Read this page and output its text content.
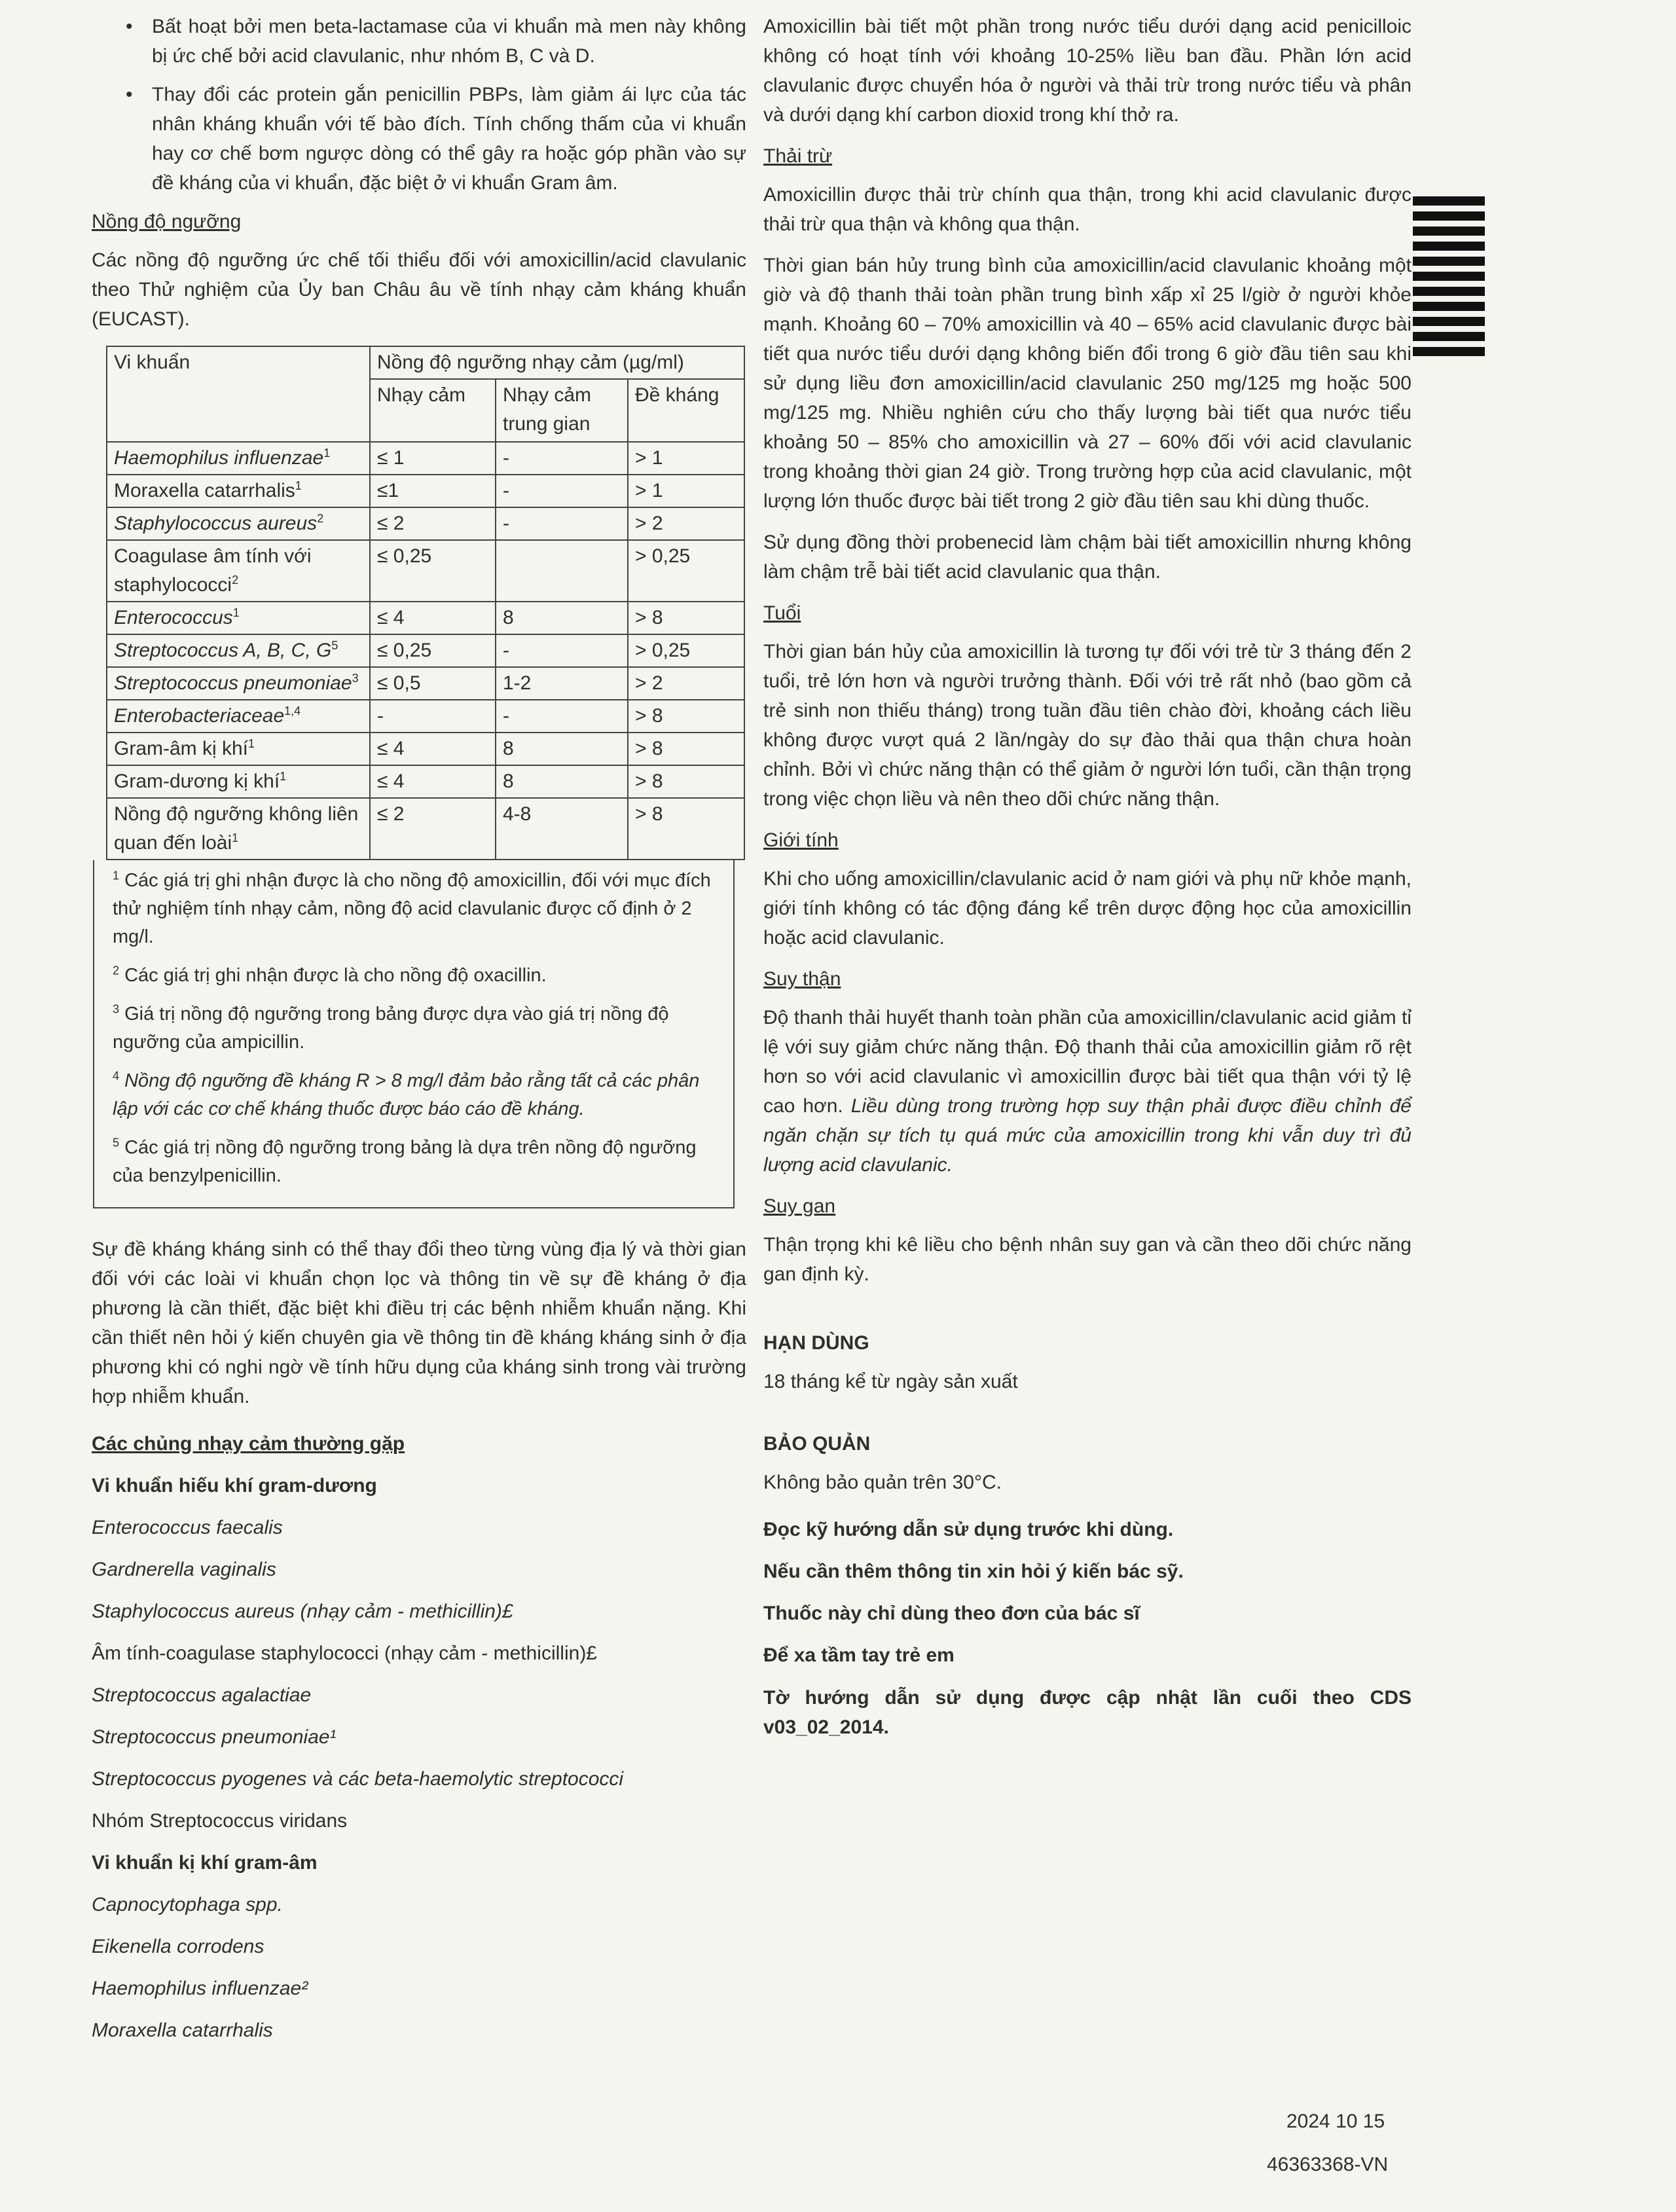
• Bất hoạt bởi men beta-lactamase của vi khuẩn mà men này không bị ức chế bởi acid clavulanic, như nhóm B, C và D.
• Thay đổi các protein gắn penicillin PBPs, làm giảm ái lực của tác nhân kháng khuẩn với tế bào đích. Tính chống thấm của vi khuẩn hay cơ chế bơm ngược dòng có thể gây ra hoặc góp phần vào sự đề kháng của vi khuẩn, đặc biệt ở vi khuẩn Gram âm.
Nồng độ ngưỡng

Các nồng độ ngưỡng ức chế tối thiểu đối với amoxicillin/acid clavulanic theo Thử nghiệm của Ủy ban Châu âu về tính nhạy cảm kháng khuẩn (EUCAST).

Vi khuẩn	Nồng độ ngưỡng nhạy cảm (µg/ml)		
	Nhạy cảm	Nhạy cảm trung gian	Đề kháng
Haemophilus influenzae$^1$	≤ 1	-	> 1
Moraxella catarrhalis$^1$	≤1	-	> 1
Staphylococcus aureus$^2$	≤ 2	-	> 2
Coagulase âm tính với staphylococci$^2$	≤ 0,25		> 0,25
Enterococcus$^1$	≤ 4	8	> 8
Streptococcus A, B, C, $G^5$	≤ 0,25	-	> 0,25
Streptococcus pneumoniae$^3$	≤ 0,5	1-2	> 2
Enterobacteriaceae$^{1,4}$	-	-	> 8
Gram-âm kị khí$^1$	≤ 4	8	> 8
Gram-dương kị khí$^1$	≤ 4	8	> 8
Nồng độ ngưỡng không liên quan đến loài$^1$	≤ 2	4-8	> 8

$^1$ Các giá trị ghi nhận được là cho nồng độ amoxicillin, đối với mục đích thử nghiệm tính nhạy cảm, nồng độ acid clavulanic được cố định ở 2 mg/l.

$^2$ Các giá trị ghi nhận được là cho nồng độ oxacillin.

$^3$ Giá trị nồng độ ngưỡng trong bảng được dựa vào giá trị nồng độ ngưỡng của ampicillin.

$^4$ Nồng độ ngưỡng đề kháng R > 8 mg/l đảm bảo rằng tất cả các phân lập với các cơ chế kháng thuốc được báo cáo đề kháng.

$^5$ Các giá trị nồng độ ngưỡng trong bảng là dựa trên nồng độ ngưỡng của benzylpenicillin.

Sự đề kháng kháng sinh có thể thay đổi theo từng vùng địa lý và thời gian đối với các loài vi khuẩn chọn lọc và thông tin về sự đề kháng ở địa phương là cần thiết, đặc biệt khi điều trị các bệnh nhiễm khuẩn nặng. Khi cần thiết nên hỏi ý kiến chuyên gia về thông tin đề kháng kháng sinh ở địa phương khi có nghi ngờ về tính hữu dụng của kháng sinh trong vài trường hợp nhiễm khuẩn.

Các chủng nhạy cảm thường gặp
Vi khuẩn hiếu khí gram-dương
Enterococcus faecalis
Gardnerella vaginalis
Staphylococcus aureus (nhạy cảm - methicillin)£
Âm tính-coagulase staphylococci (nhạy cảm - methicillin)£
Streptococcus agalactiae
Streptococcus pneumoniae¹
Streptococcus pyogenes và các beta-haemolytic streptococci
Nhóm Streptococcus viridans
Vi khuẩn kị khí gram-âm
Capnocytophaga spp.
Eikenella corrodens
Haemophilus influenzae²
Moraxella catarrhalis

Amoxicillin bài tiết một phần trong nước tiểu dưới dạng acid penicilloic không có hoạt tính với khoảng 10-25% liều ban đầu. Phần lớn acid clavulanic được chuyển hóa ở người và thải trừ trong nước tiểu và phân và dưới dạng khí carbon dioxid trong khí thở ra.

Thải trừ

Amoxicillin được thải trừ chính qua thận, trong khi acid clavulanic được thải trừ qua thận và không qua thận.

Thời gian bán hủy trung bình của amoxicillin/acid clavulanic khoảng một giờ và độ thanh thải toàn phần trung bình xấp xỉ 25 l/giờ ở người khỏe mạnh. Khoảng 60 – 70% amoxicillin và 40 – 65% acid clavulanic được bài tiết qua nước tiểu dưới dạng không biến đổi trong 6 giờ đầu tiên sau khi sử dụng liều đơn amoxicillin/acid clavulanic 250 mg/125 mg hoặc 500 mg/125 mg. Nhiều nghiên cứu cho thấy lượng bài tiết qua nước tiểu khoảng 50 – 85% cho amoxicillin và 27 – 60% đối với acid clavulanic trong khoảng thời gian 24 giờ. Trong trường hợp của acid clavulanic, một lượng lớn thuốc được bài tiết trong 2 giờ đầu tiên sau khi dùng thuốc.

Sử dụng đồng thời probenecid làm chậm bài tiết amoxicillin nhưng không làm chậm trễ bài tiết acid clavulanic qua thận.

Tuổi

Thời gian bán hủy của amoxicillin là tương tự đối với trẻ từ 3 tháng đến 2 tuổi, trẻ lớn hơn và người trưởng thành. Đối với trẻ rất nhỏ (bao gồm cả trẻ sinh non thiếu tháng) trong tuần đầu tiên chào đời, khoảng cách liều không được vượt quá 2 lần/ngày do sự đào thải qua thận chưa hoàn chỉnh. Bởi vì chức năng thận có thể giảm ở người lớn tuổi, cần thận trọng trong việc chọn liều và nên theo dõi chức năng thận.

Giới tính

Khi cho uống amoxicillin/clavulanic acid ở nam giới và phụ nữ khỏe mạnh, giới tính không có tác động đáng kể trên dược động học của amoxicillin hoặc acid clavulanic.

Suy thận

Độ thanh thải huyết thanh toàn phần của amoxicillin/clavulanic acid giảm tỉ lệ với suy giảm chức năng thận. Độ thanh thải của amoxicillin giảm rõ rệt hơn so với acid clavulanic vì amoxicillin được bài tiết qua thận với tỷ lệ cao hơn. Liều dùng trong trường hợp suy thận phải được điều chỉnh để ngăn chặn sự tích tụ quá mức của amoxicillin trong khi vẫn duy trì đủ lượng acid clavulanic.

Suy gan

Thận trọng khi kê liều cho bệnh nhân suy gan và cần theo dõi chức năng gan định kỳ.

HẠN DÙNG

18 tháng kể từ ngày sản xuất

BẢO QUẢN

Không bảo quản trên 30°C.

Đọc kỹ hướng dẫn sử dụng trước khi dùng.
Nếu cần thêm thông tin xin hỏi ý kiến bác sỹ.
Thuốc này chỉ dùng theo đơn của bác sĩ
Để xa tầm tay trẻ em

Tờ hướng dẫn sử dụng được cập nhật lần cuối theo CDS v03_02_2014.

2024 10 15
46363368-VN
